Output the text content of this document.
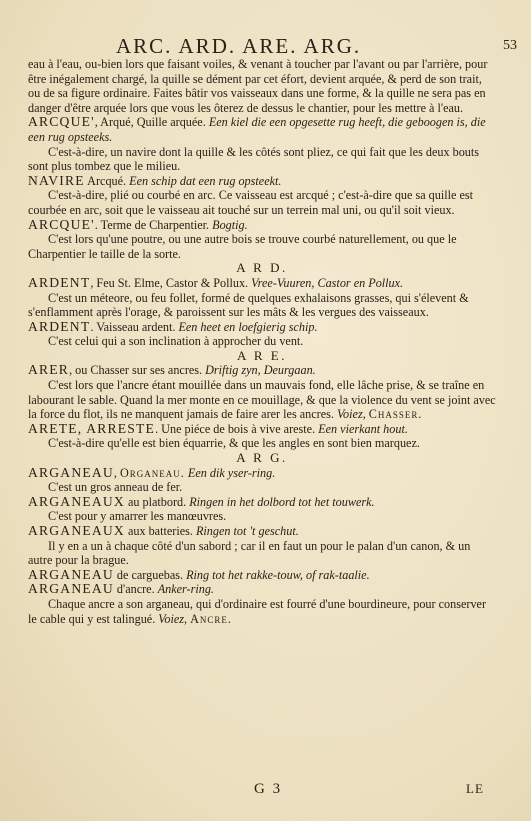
ARC. ARD. ARE. ARG.	53

eau à l'eau, ou-bien lors que faisant voiles, & venant à toucher par l'avant ou par l'arrière, pour être inégalement chargé, la quille se dément par cet éfort, devient arquée, & perd de son trait, ou de sa figure ordinaire. Faites bâtir vos vaisseaux dans une forme, & la quille ne sera pas en danger d'être arquée lors que vous les ôterez de dessus le chantier, pour les mettre à l'eau.

ARCQUE', Arqué, Quille arquée. Een kiel die een opgesette rug heeft, die geboogen is, die een rug opsteeks.

C'est-à-dire, un navire dont la quille & les côtés sont pliez, ce qui fait que les deux bouts sont plus tombez que le milieu.

NAVIRE Arcqué. Een schip dat een rug opsteekt.

C'est-à-dire, plié ou courbé en arc. Ce vaisseau est arcqué ; c'est-à-dire que sa quille est courbée en arc, soit que le vaisseau ait touché sur un terrein mal uni, ou qu'il soit vieux.

ARCQUE'. Terme de Charpentier. Bogtig.

C'est lors qu'une poutre, ou une autre bois se trouve courbé naturellement, ou que le Charpentier le taille de la sorte.

A R D.

ARDENT, Feu St. Elme, Castor & Pollux. Vree-Vuuren, Castor en Pollux.

C'est un méteore, ou feu follet, formé de quelques exhalaisons grasses, qui s'élevent & s'enflamment après l'orage, & paroissent sur les mâts & les vergues des vaisseaux.

ARDENT. Vaisseau ardent. Een heet en loefgierig schip.

C'est celui qui a son inclination à approcher du vent.

A R E.

ARER, ou Chasser sur ses ancres. Driftig zyn, Deurgaan.

C'est lors que l'ancre étant mouillée dans un mauvais fond, elle lâche prise, & se traîne en labourant le sable. Quand la mer monte en ce mouillage, & que la violence du vent se joint avec la force du flot, ils ne manquent jamais de faire arer les ancres. Voiez, Chasser.

ARETE, ARRESTE. Une piéce de bois à vive areste. Een vierkant hout.

C'est-à-dire qu'elle est bien équarrie, & que les angles en sont bien marquez.

A R G.

ARGANEAU, Organeau. Een dik yser-ring.

C'est un gros anneau de fer.

ARGANEAUX au platbord. Ringen in het dolbord tot het touwerk.

C'est pour y amarrer les manœuvres.

ARGANEAUX aux batteries. Ringen tot 't geschut.

Il y en a un à chaque côté d'un sabord ; car il en faut un pour le palan d'un canon, & un autre pour la brague.

ARGANEAU de carguebas. Ring tot het rakke-touw, of rak-taalie.

ARGANEAU d'ancre. Anker-ring.

Chaque ancre a son arganeau, qui d'ordinaire est fourré d'une bourdineure, pour conserver le cable qui y est talingué. Voiez, Ancre.

G 3	LE
